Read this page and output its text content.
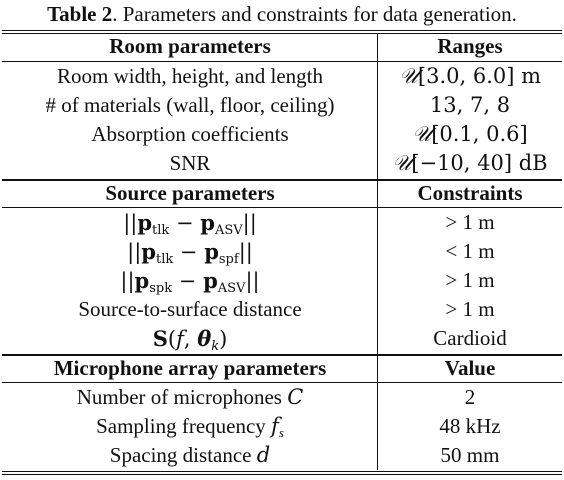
Table 2. Parameters and constraints for data generation.
Room parameters	Ranges
Room width, height, and length	𝒰[3.0, 6.0] m
# of materials (wall, floor, ceiling)	13, 7, 8
Absorption coefficients	𝒰[0.1, 0.6]
SNR	𝒰[−10, 40] dB
Source parameters	Constraints
$||p_{tlk} - p_{ASV}||$	> 1 m
$||p_{tlk} - p_{spf}||$	< 1 m
$||p_{spk} - p_{ASV}||$	> 1 m
Source-to-surface distance	> 1 m
S(f, θk)	Cardioid
Microphone array parameters	Value
Number of microphones C	2
Sampling frequency fs	48 kHz
Spacing distance d	50 mm
